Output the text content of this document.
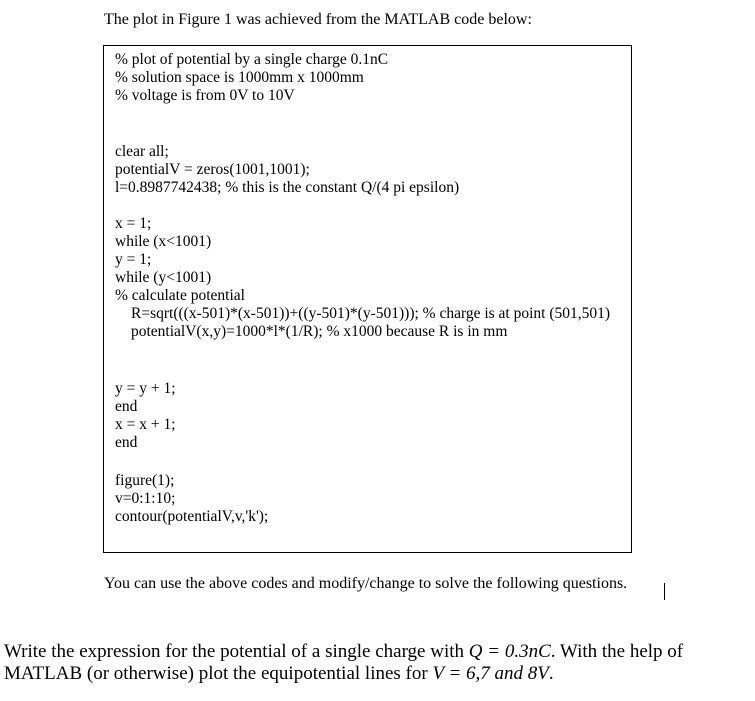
The plot in Figure 1 was achieved from the MATLAB code below:
% plot of potential by a single charge 0.1nC
% solution space is 1000mm x 1000mm
% voltage is from 0V to 10V
clear all;
potentialV = zeros(1001,1001);
l=0.8987742438; % this is the constant Q/(4 pi epsilon)
x = 1;
while (x<1001)
y = 1;
while (y<1001)
% calculate potential
R=sqrt(((x-501)*(x-501))+((y-501)*(y-501))); % charge is at point (501,501)
potentialV(x,y)=1000*l*(1/R); % x1000 because R is in mm
y = y + 1;
end
x = x + 1;
end
figure(1);
v=0:1:10;
contour(potentialV,v,'k');
You can use the above codes and modify/change to solve the following questions.
Write the expression for the potential of a single charge with Q = 0.3nC. With the help of MATLAB (or otherwise) plot the equipotential lines for V = 6,7 and 8V.
